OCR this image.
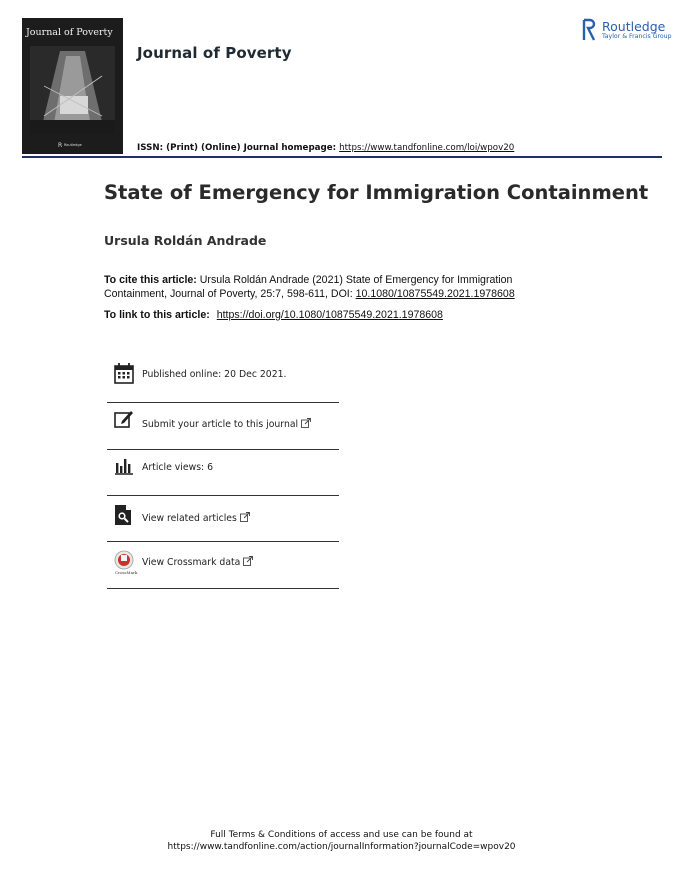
Journal of Poverty
R Routledge
Journal of Poverty
ISSN: (Print) (Online) Journal homepage: https://www.tandfonline.com/loi/wpov20
Routledge
Taylor & Francis Group
State of Emergency for Immigration Containment
Ursula Roldán Andrade
To cite this article: Ursula Roldán Andrade (2021) State of Emergency for Immigration Containment, Journal of Poverty, 25:7, 598-611, DOI: 10.1080/10875549.2021.1978608
To link to this article: https://doi.org/10.1080/10875549.2021.1978608
Published online: 20 Dec 2021.
Submit your article to this journal
Article views: 6
View related articles
CrossMark
View Crossmark data
Full Terms & Conditions of access and use can be found at
https://www.tandfonline.com/action/journalInformation?journalCode=wpov20
